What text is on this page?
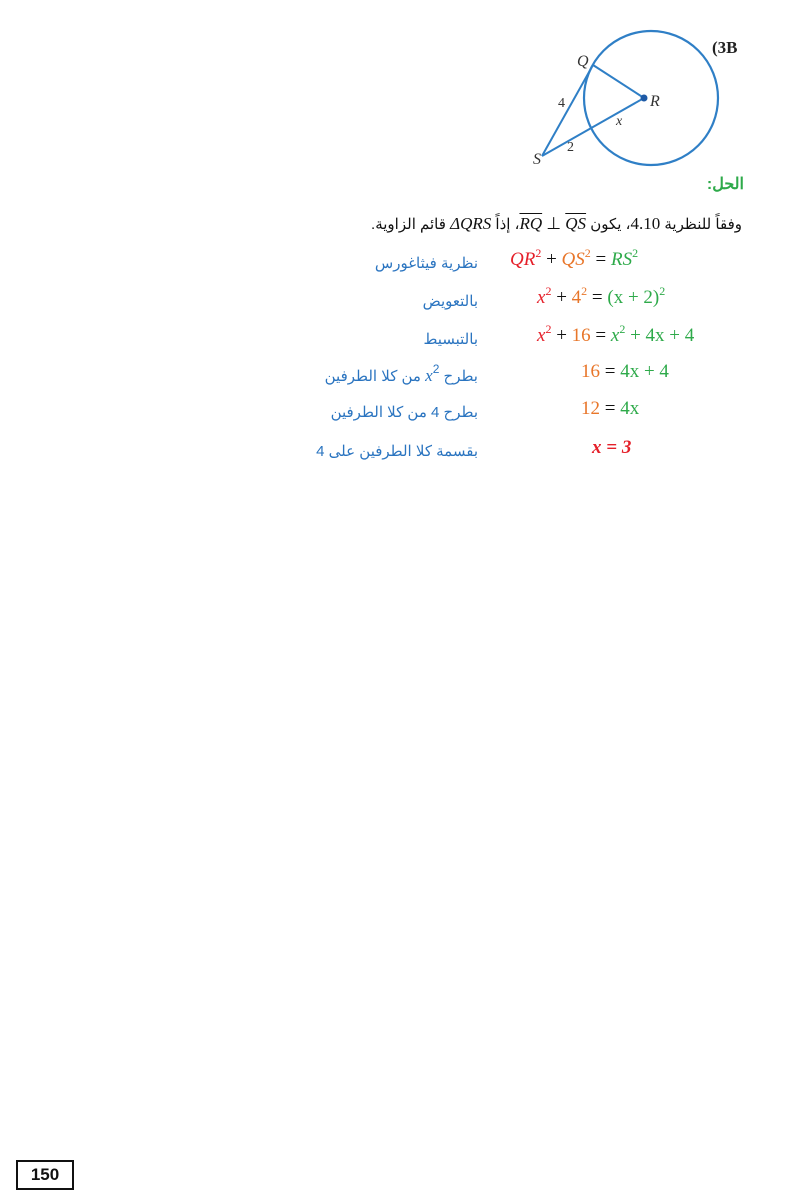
(3B
Q
R
S
x
4
2
الحل:
وفقاً للنظرية 4.10، يكون $\overline{RQ}$ ⊥ $\overline{QS}،$ إذاً ΔQRS قائم الزاوية.
$QR^2 + QS^2 = RS^2$
نظرية فيثاغورس
$x^2 + 4^2 = (x + 2)^2$
بالتعويض
$x^2 + 16 = x^2 + 4x + 4$
بالتبسيط
16 = 4x + 4
بطرح $x^2$ من كلا الطرفين
12 = 4x
بطرح 4 من كلا الطرفين
x = 3
بقسمة كلا الطرفين على 4
150
